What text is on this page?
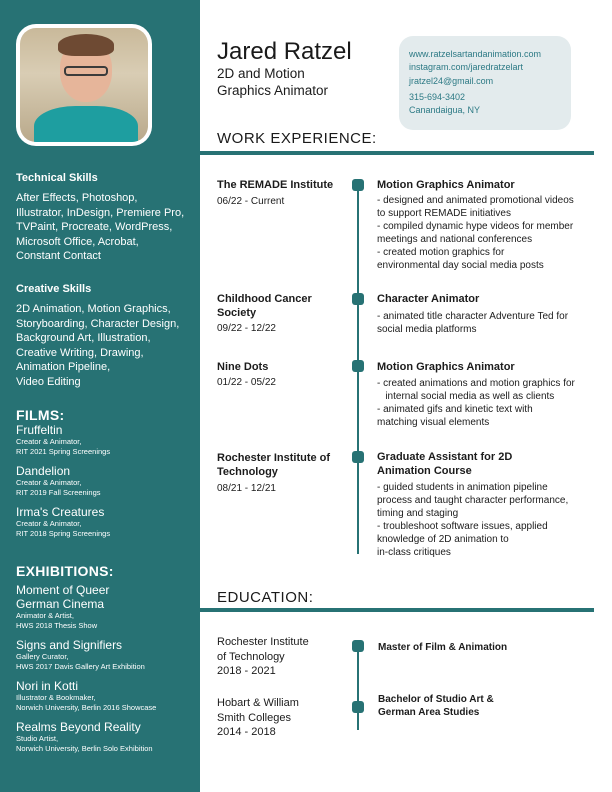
Technical Skills
After Effects, Photoshop,
Illustrator, InDesign, Premiere Pro,
TVPaint, Procreate, WordPress,
Microsoft Office, Acrobat,
Constant Contact
Creative Skills
2D Animation, Motion Graphics,
Storyboarding, Character Design,
Background Art, Illustration,
Creative Writing, Drawing,
Animation Pipeline,
Video Editing
FILMS:
Fruffeltin
Creator & Animator,
RIT 2021 Spring Screenings
Dandelion
Creator & Animator,
RIT 2019 Fall Screenings
Irma's Creatures
Creator & Animator,
RIT 2018 Spring Screenings
EXHIBITIONS:
Moment of Queer
German Cinema
Animator & Artist,
HWS 2018 Thesis Show
Signs and Signifiers
Gallery Curator,
HWS 2017 Davis Gallery Art Exhibition
Nori in Kotti
Illustrator & Bookmaker,
Norwich University, Berlin 2016 Showcase
Realms Beyond Reality
Studio Artist,
Norwich University, Berlin Solo Exhibition
Jared Ratzel
2D and Motion
Graphics Animator
www.ratzelsartandanimation.com
instagram.com/jaredratzelart
jratzel24@gmail.com
315-694-3402
Canandaigua, NY
WORK EXPERIENCE:
The REMADE Institute
06/22 - Current
Motion Graphics Animator
- designed and animated promotional videos
to support REMADE initiatives
- compiled dynamic hype videos for member
meetings and national conferences
- created motion graphics for
environmental day social media posts
Childhood Cancer
Society
09/22 - 12/22
Character Animator
- animated title character Adventure Ted for
social media platforms
Nine Dots
01/22 - 05/22
Motion Graphics Animator
- created animations and motion graphics for
internal social media as well as clients
- animated gifs and kinetic text with
matching visual elements
Rochester Institute of
Technology
08/21 - 12/21
Graduate Assistant for 2D
Animation Course
- guided students in animation pipeline
process and taught character performance,
timing and staging
- troubleshoot software issues, applied
knowledge of 2D animation to
in-class critiques
EDUCATION:
Rochester Institute
of Technology
2018 - 2021
Master of Film & Animation
Hobart & William
Smith Colleges
2014 - 2018
Bachelor of Studio Art &
German Area Studies
